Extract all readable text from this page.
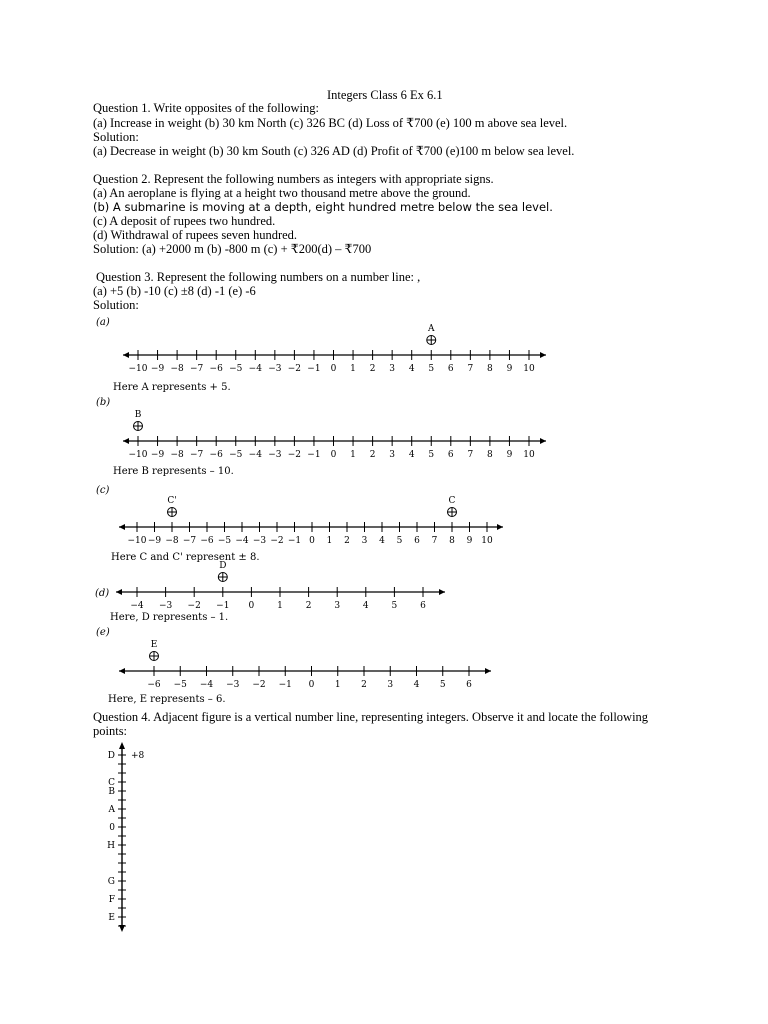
Integers Class 6 Ex 6.1
Question 1. Write opposites of the following:
(a) Increase in weight (b) 30 km North (c) 326 BC (d) Loss of ₹700 (e) 100 m above sea level.
Solution:
(a) Decrease in weight (b) 30 km South (c) 326 AD (d) Profit of ₹700 (e)100 m below sea level.
Question 2. Represent the following numbers as integers with appropriate signs.
(a) An aeroplane is flying at a height two thousand metre above the ground.
(b) A submarine is moving at a depth, eight hundred metre below the sea level.
(c) A deposit of rupees two hundred.
(d) Withdrawal of rupees seven hundred.
Solution: (a) +2000 m (b) -800 m (c) + ₹200(d) – ₹700
Question 3. Represent the following numbers on a number line: ,
(a) +5 (b) -10 (c) ±8 (d) -1 (e) -6
Solution:
(a)
(b)
(c)
(d)
(e)
−10 −9 −8 −7 −6 −5 −4 −3 −2 −1 0 1 2 3 4 5 6 7 8 9 10
A
−10 −9 −8 −7 −6 −5 −4 −3 −2 −1 0 1 2 3 4 5 6 7 8 9 10
B
−10 −9 −8 −7 −6 −5 −4 −3 −2 −1 0 1 2 3 4 5 6 7 8 9 10
C'	C
−4 −3 −2 −1 0	1	2	3	4	5	6
D
−6 −5 −4 −3 −2 −1 0 1 2 3 4 5 6
E
Here A represents + 5.
Here B represents – 10.
Here C and C' represent ± 8.
Here, D represents – 1.
Here, E represents – 6.
Question 4. Adjacent figure is a vertical number line, representing integers. Observe it and locate the following
points:
+8
D
C
B
A
0
H
G
F
E
